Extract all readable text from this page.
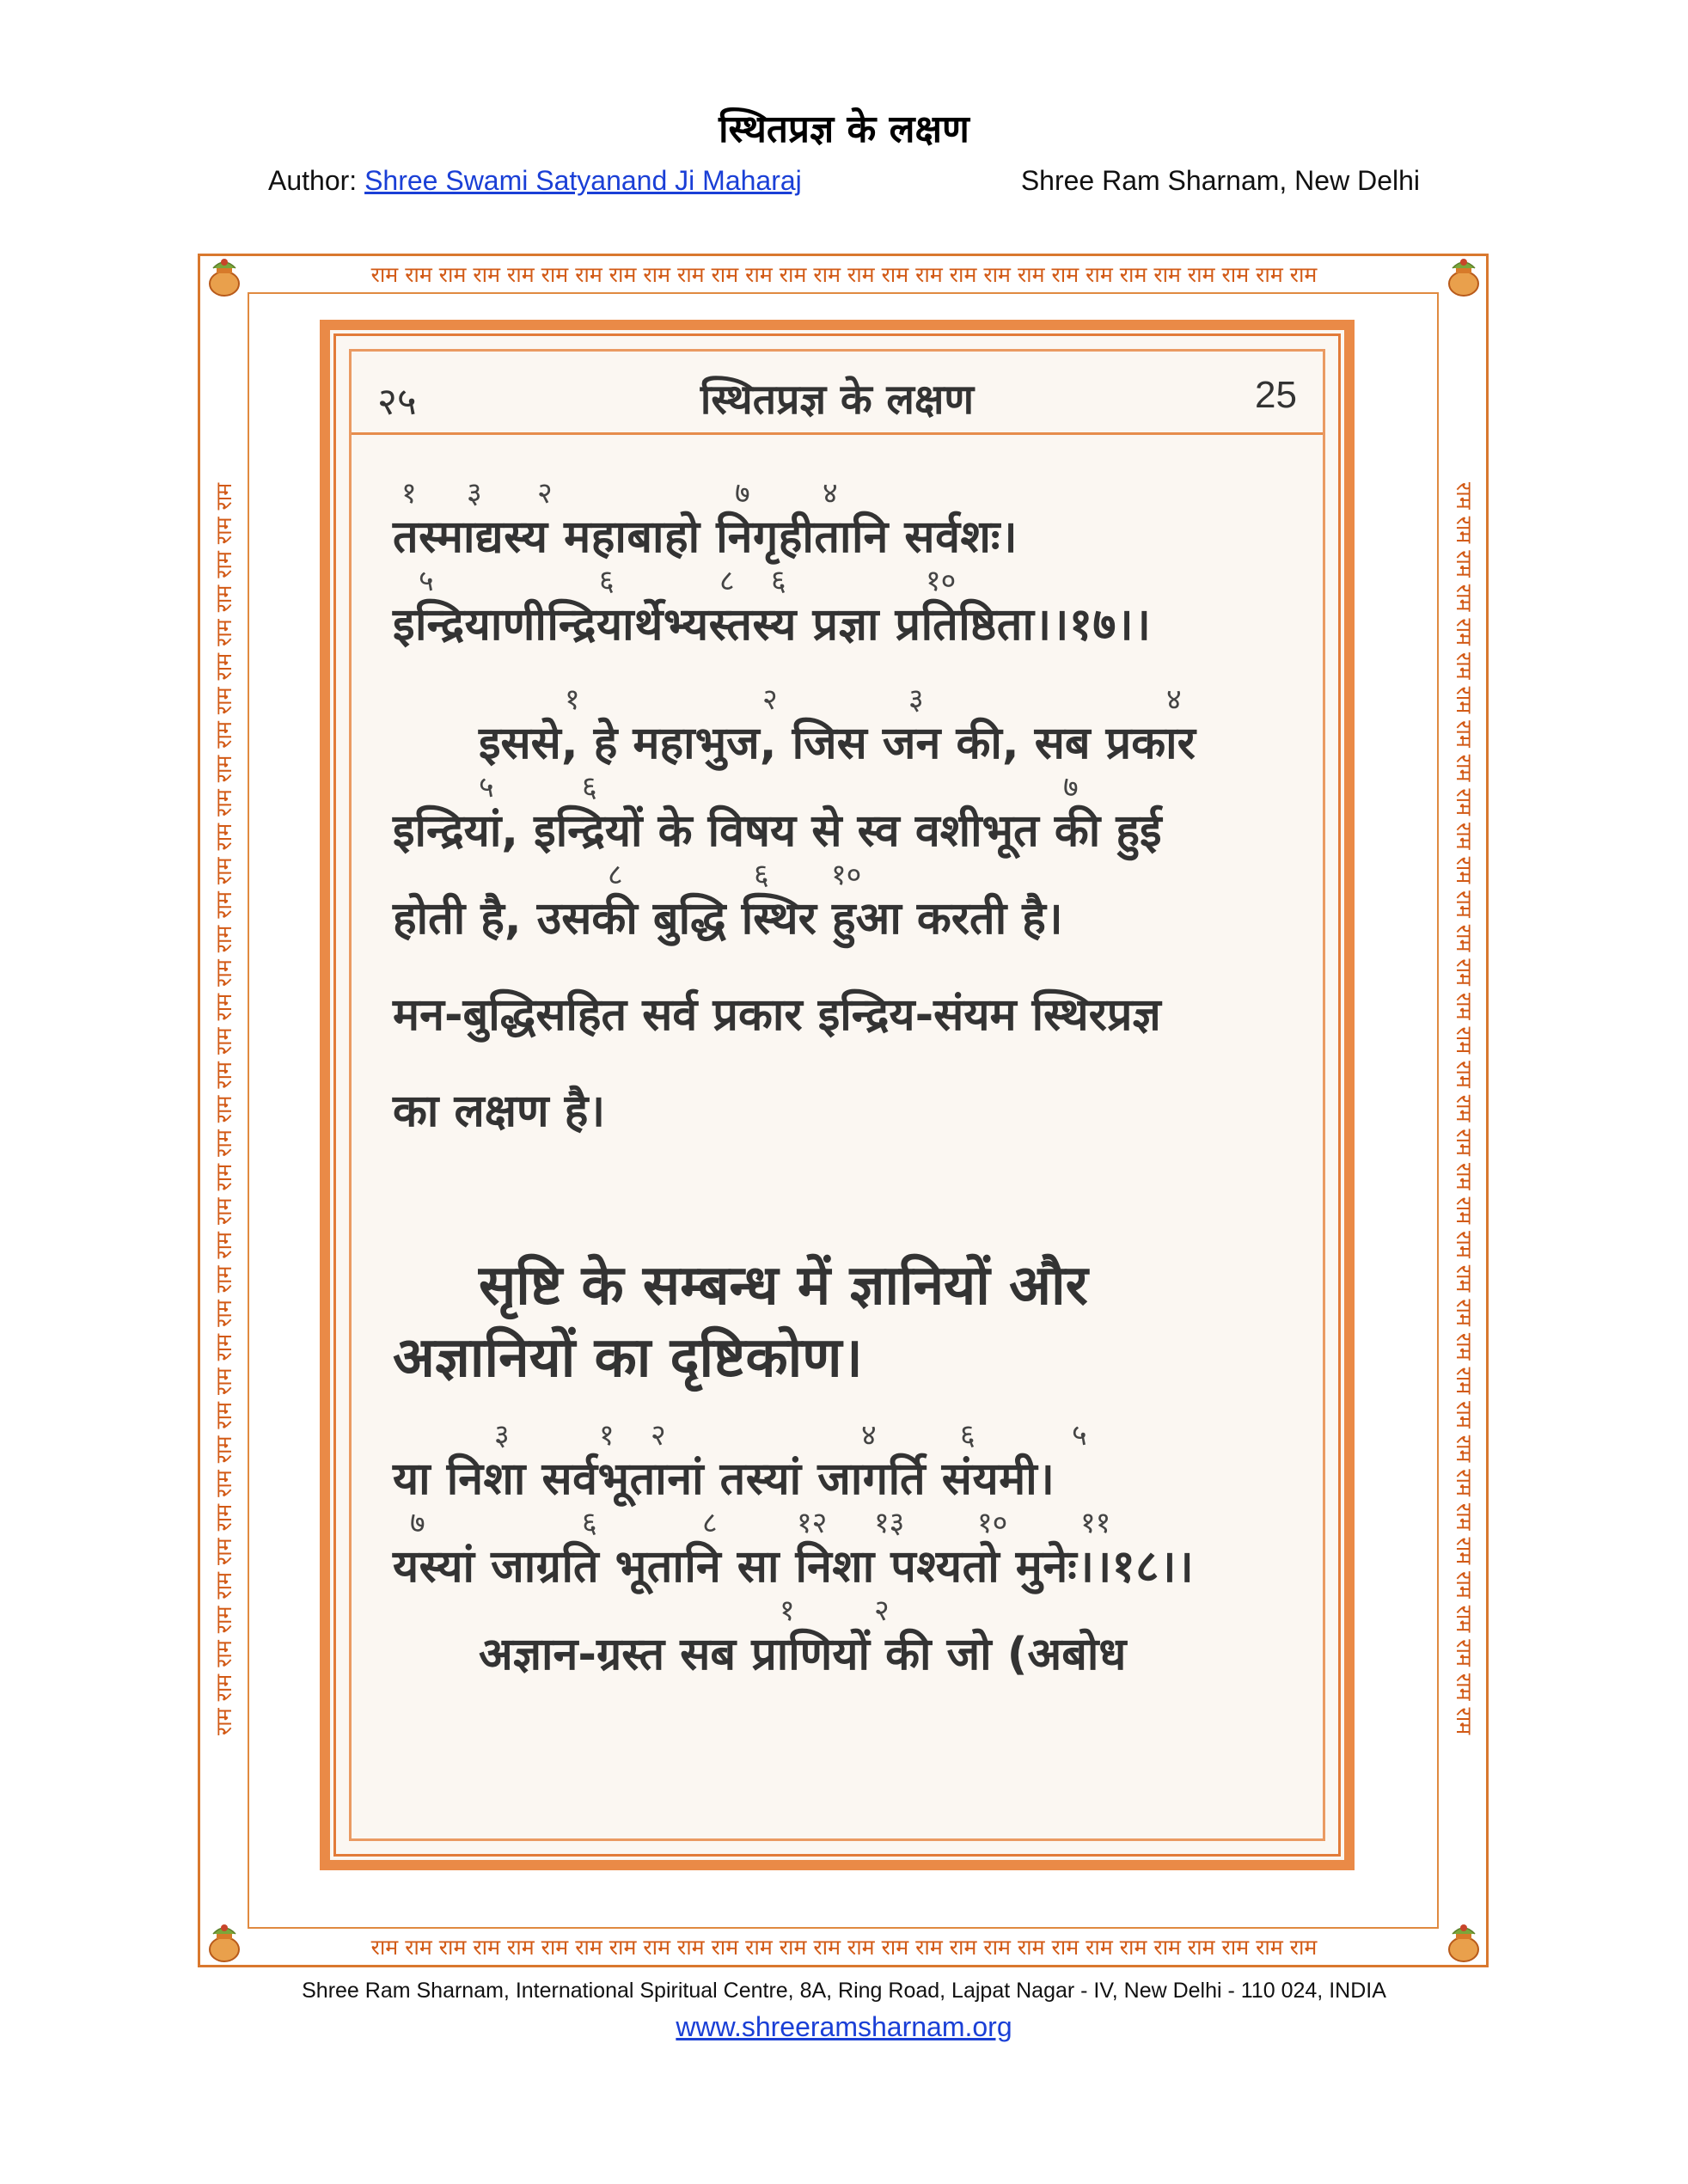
स्थितप्रज्ञ के लक्षण
Author: Shree Swami Satyanand Ji Maharaj	Shree Ram Sharnam, New Delhi
राम राम राम राम राम राम राम राम राम राम राम राम राम राम राम राम राम राम राम राम राम राम राम राम राम राम राम राम
राम राम राम राम राम राम राम राम राम राम राम राम राम राम राम राम राम राम राम राम राम राम राम राम राम राम राम राम
राम राम राम राम राम राम राम राम राम राम राम राम राम राम राम राम राम राम राम राम राम राम राम राम राम राम राम राम राम राम राम राम राम राम राम राम राम	राम राम राम राम राम राम राम राम राम राम राम राम राम राम राम राम राम राम राम राम राम राम राम राम राम राम राम राम राम राम राम राम राम राम राम राम राम
२५	स्थितप्रज्ञ के लक्षण	25
१ ३ २	७ ४
तस्माद्यस्य महाबाहो निगृहीतानि सर्वशः।
५	६	८ ६	१०
इन्द्रियाणीन्द्रियार्थेभ्यस्तस्य प्रज्ञा प्रतिष्ठिता।।१७।।
१	२	३	४
इससे, हे महाभुज, जिस जन की, सब प्रकार
५	६	७
इन्द्रियां, इन्द्रियों के विषय से स्व वशीभूत की हुई
८	६ १०
होती है, उसकी बुद्धि स्थिर हुआ करती है।
मन-बुद्धिसहित सर्व प्रकार इन्द्रिय-संयम स्थिरप्रज्ञ
का लक्षण है।
सृष्टि के सम्बन्ध में ज्ञानियों और
अज्ञानियों का दृष्टिकोण।
३	१ २	४	६	५
या निशा सर्वभूतानां तस्यां जागर्ति संयमी।
७	६	८	१२ १३ १० ११
यस्यां जाग्रति भूतानि सा निशा पश्यतो मुनेः।।१८।।
१	२
अज्ञान-ग्रस्त सब प्राणियों की जो (अबोध
Shree Ram Sharnam, International Spiritual Centre, 8A, Ring Road, Lajpat Nagar - IV, New Delhi - 110 024, INDIA
www.shreeramsharnam.org
